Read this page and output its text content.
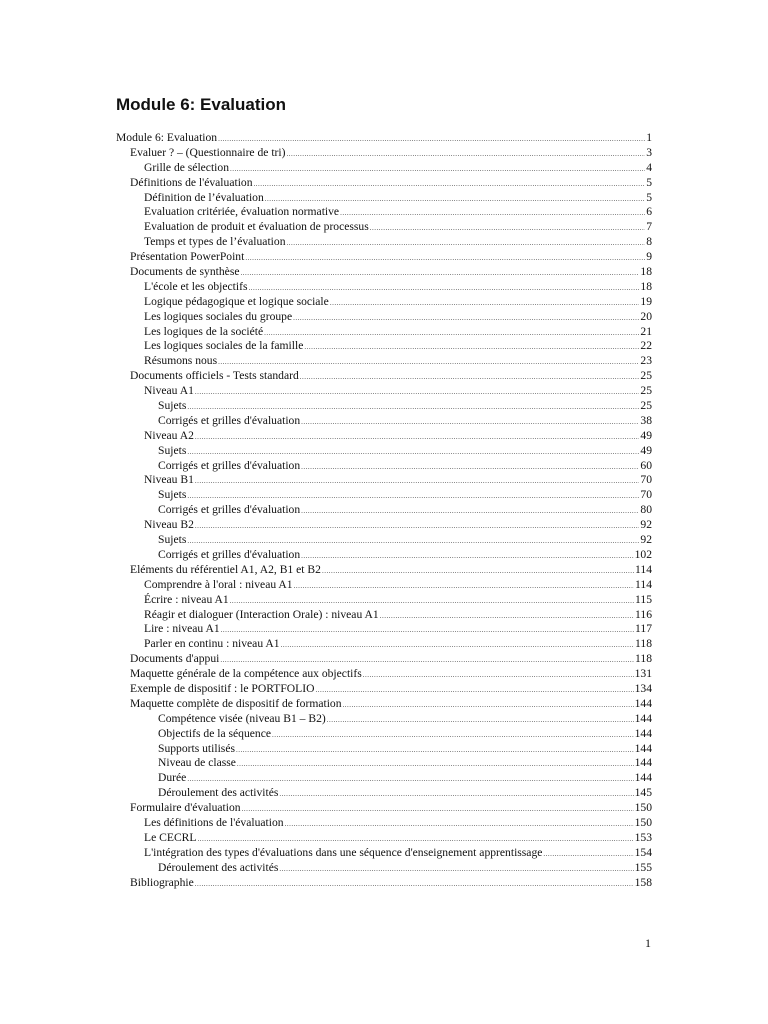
Module 6: Evaluation
Module 6: Evaluation .....	1
Evaluer ? – (Questionnaire de tri) .....	3
Grille de sélection .....	4
Définitions de l'évaluation .....	5
Définition de l’évaluation .....	5
Evaluation critériée, évaluation normative .....	6
Evaluation de produit et évaluation de processus .....	7
Temps et types de l’évaluation .....	8
Présentation PowerPoint .....	9
Documents de synthèse .....	18
L'école et les objectifs .....	18
Logique pédagogique et logique sociale .....	19
Les logiques sociales du groupe .....	20
Les logiques de la société .....	21
Les logiques sociales de la famille .....	22
Résumons nous .....	23
Documents officiels - Tests standard .....	25
Niveau A1 .....	25
Sujets .....	25
Corrigés et grilles d'évaluation .....	38
Niveau A2 .....	49
Sujets .....	49
Corrigés et grilles d'évaluation .....	60
Niveau B1 .....	70
Sujets .....	70
Corrigés et grilles d'évaluation .....	80
Niveau B2 .....	92
Sujets .....	92
Corrigés et grilles d'évaluation .....	102
Eléments du référentiel A1, A2, B1 et B2 .....	114
Comprendre à l'oral : niveau A1 .....	114
Écrire : niveau A1 .....	115
Réagir et dialoguer (Interaction Orale) : niveau A1 .....	116
Lire : niveau A1 .....	117
Parler en continu : niveau A1 .....	118
Documents d'appui .....	118
Maquette générale de la compétence aux objectifs .....	131
Exemple de dispositif : le PORTFOLIO .....	134
Maquette complète de dispositif de formation .....	144
Compétence visée (niveau B1 – B2) .....	144
Objectifs de la séquence .....	144
Supports utilisés .....	144
Niveau de classe .....	144
Durée .....	144
Déroulement des activités .....	145
Formulaire d'évaluation .....	150
Les définitions de l'évaluation .....	150
Le CECRL .....	153
L'intégration des types d'évaluations dans une séquence d'enseignement apprentissage .....	154
Déroulement des activités .....	155
Bibliographie .....	158
1
